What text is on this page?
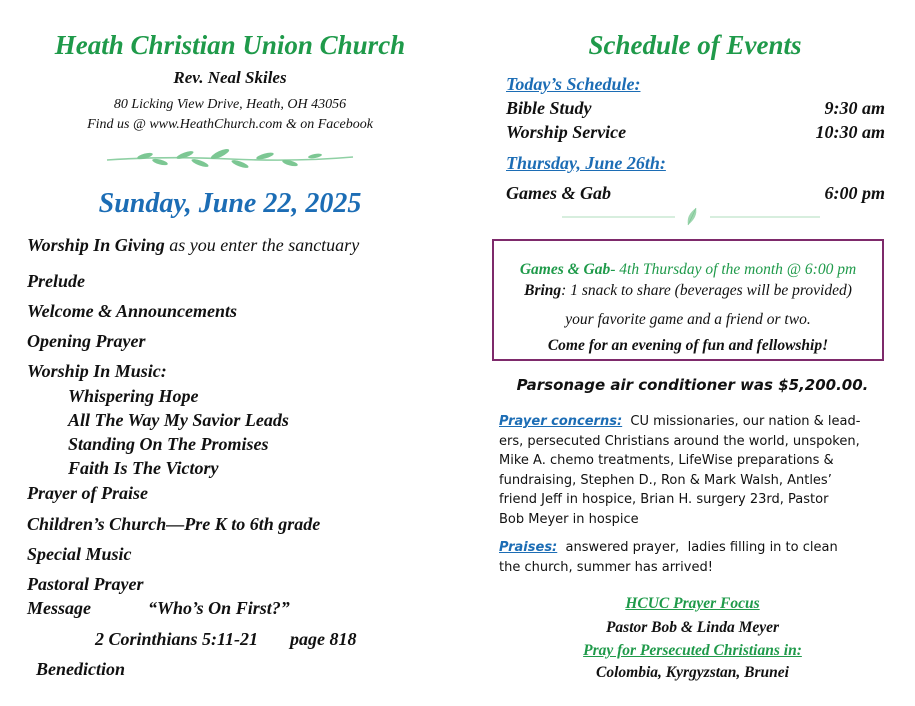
Heath Christian Union Church
Rev. Neal Skiles
80 Licking View Drive, Heath, OH 43056
Find us @ www.HeathChurch.com & on Facebook
Sunday, June 22, 2025
Worship In Giving as you enter the sanctuary
Prelude
Welcome & Announcements
Opening Prayer
Worship In Music:
Whispering Hope
All The Way My Savior Leads
Standing On The Promises
Faith Is The Victory
Prayer of Praise
Children’s Church—Pre K to 6th grade
Special Music
Pastoral Prayer
Message	“Who’s On First?”
2 Corinthians 5:11-21 page 818
Benediction
Schedule of Events
Today’s Schedule:
Bible Study	9:30 am
Worship Service	10:30 am
Thursday, June 26th:
Games & Gab	6:00 pm
Games & Gab- 4th Thursday of the month @ 6:00 pm
Bring: 1 snack to share (beverages will be provided)
your favorite game and a friend or two.
Come for an evening of fun and fellowship!
Parsonage air conditioner was $5,200.00.
Prayer concerns:  CU missionaries, our nation & lead-
ers, persecuted Christians around the world, unspoken,
Mike A. chemo treatments, LifeWise preparations &
fundraising, Stephen D., Ron & Mark Walsh, Antles’
friend Jeff in hospice, Brian H. surgery 23rd, Pastor
Bob Meyer in hospice
Praises:  answered prayer,  ladies filling in to clean
the church, summer has arrived!
HCUC Prayer Focus
Pastor Bob & Linda Meyer
Pray for Persecuted Christians in:
Colombia, Kyrgyzstan, Brunei
